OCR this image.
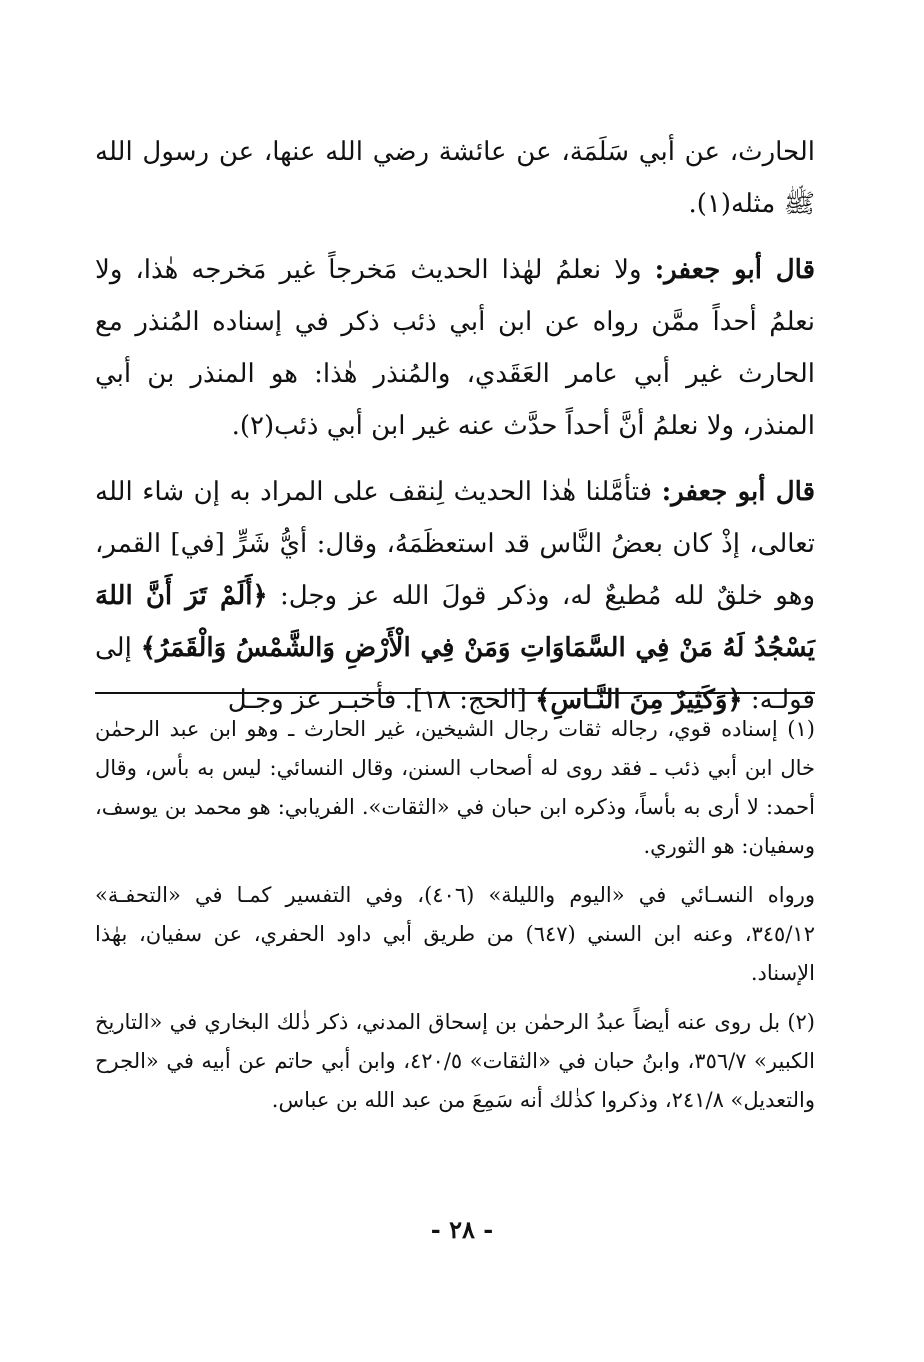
الحارث، عن أبي سَلَمَة، عن عائشة رضي الله عنها، عن رسول الله ﷺ مثله(١).

قال أبو جعفر: ولا نعلمُ لهٰذا الحديث مَخرجاً غير مَخرجه هٰذا، ولا نعلمُ أحداً ممَّن رواه عن ابن أبي ذئب ذكر في إسناده المُنذر مع الحارث غير أبي عامر العَقَدي، والمُنذر هٰذا: هو المنذر بن أبي المنذر، ولا نعلمُ أنَّ أحداً حدَّث عنه غير ابن أبي ذئب(٢).

قال أبو جعفر: فتأمَّلنا هٰذا الحديث لِنقف على المراد به إن شاء الله تعالى، إذْ كان بعضُ النَّاس قد استعظَمَهُ، وقال: أيُّ شَرٍّ [في] القمر، وهو خلقٌ لله مُطيعٌ له، وذكر قولَ الله عز وجل: ﴿أَلَمْ تَرَ أَنَّ اللهَ يَسْجُدُ لَهُ مَنْ فِي السَّمَاوَاتِ وَمَنْ فِي الْأَرْضِ وَالشَّمْسُ وَالْقَمَرُ﴾ إلى قولـه: ﴿وَكَثِيرٌ مِنَ النَّـاسِ﴾ [الحج: ١٨]. فأخبـر عز وجـل

(١) إسناده قوي، رجاله ثقات رجال الشيخين، غير الحارث ـ وهو ابن عبد الرحمٰن خال ابن أبي ذئب ـ فقد روى له أصحاب السنن، وقال النسائي: ليس به بأس، وقال أحمد: لا أرى به بأساً، وذكره ابن حبان في «الثقات». الفريابي: هو محمد بن يوسف، وسفيان: هو الثوري.

ورواه النسـائي في «اليوم والليلة» (٤٠٦)، وفي التفسير كمـا في «التحفـة» ٣٤٥/١٢، وعنه ابن السني (٦٤٧) من طريق أبي داود الحفري، عن سفيان، بهٰذا الإسناد.

(٢) بل روى عنه أيضاً عبدُ الرحمٰن بن إسحاق المدني، ذكر ذٰلك البخاري في «التاريخ الكبير» ٣٥٦/٧، وابنُ حبان في «الثقات» ٤٢٠/٥، وابن أبي حاتم عن أبيه في «الجرح والتعديل» ٢٤١/٨، وذكروا كذٰلك أنه سَمِعَ من عبد الله بن عباس.

- ٢٨ -
